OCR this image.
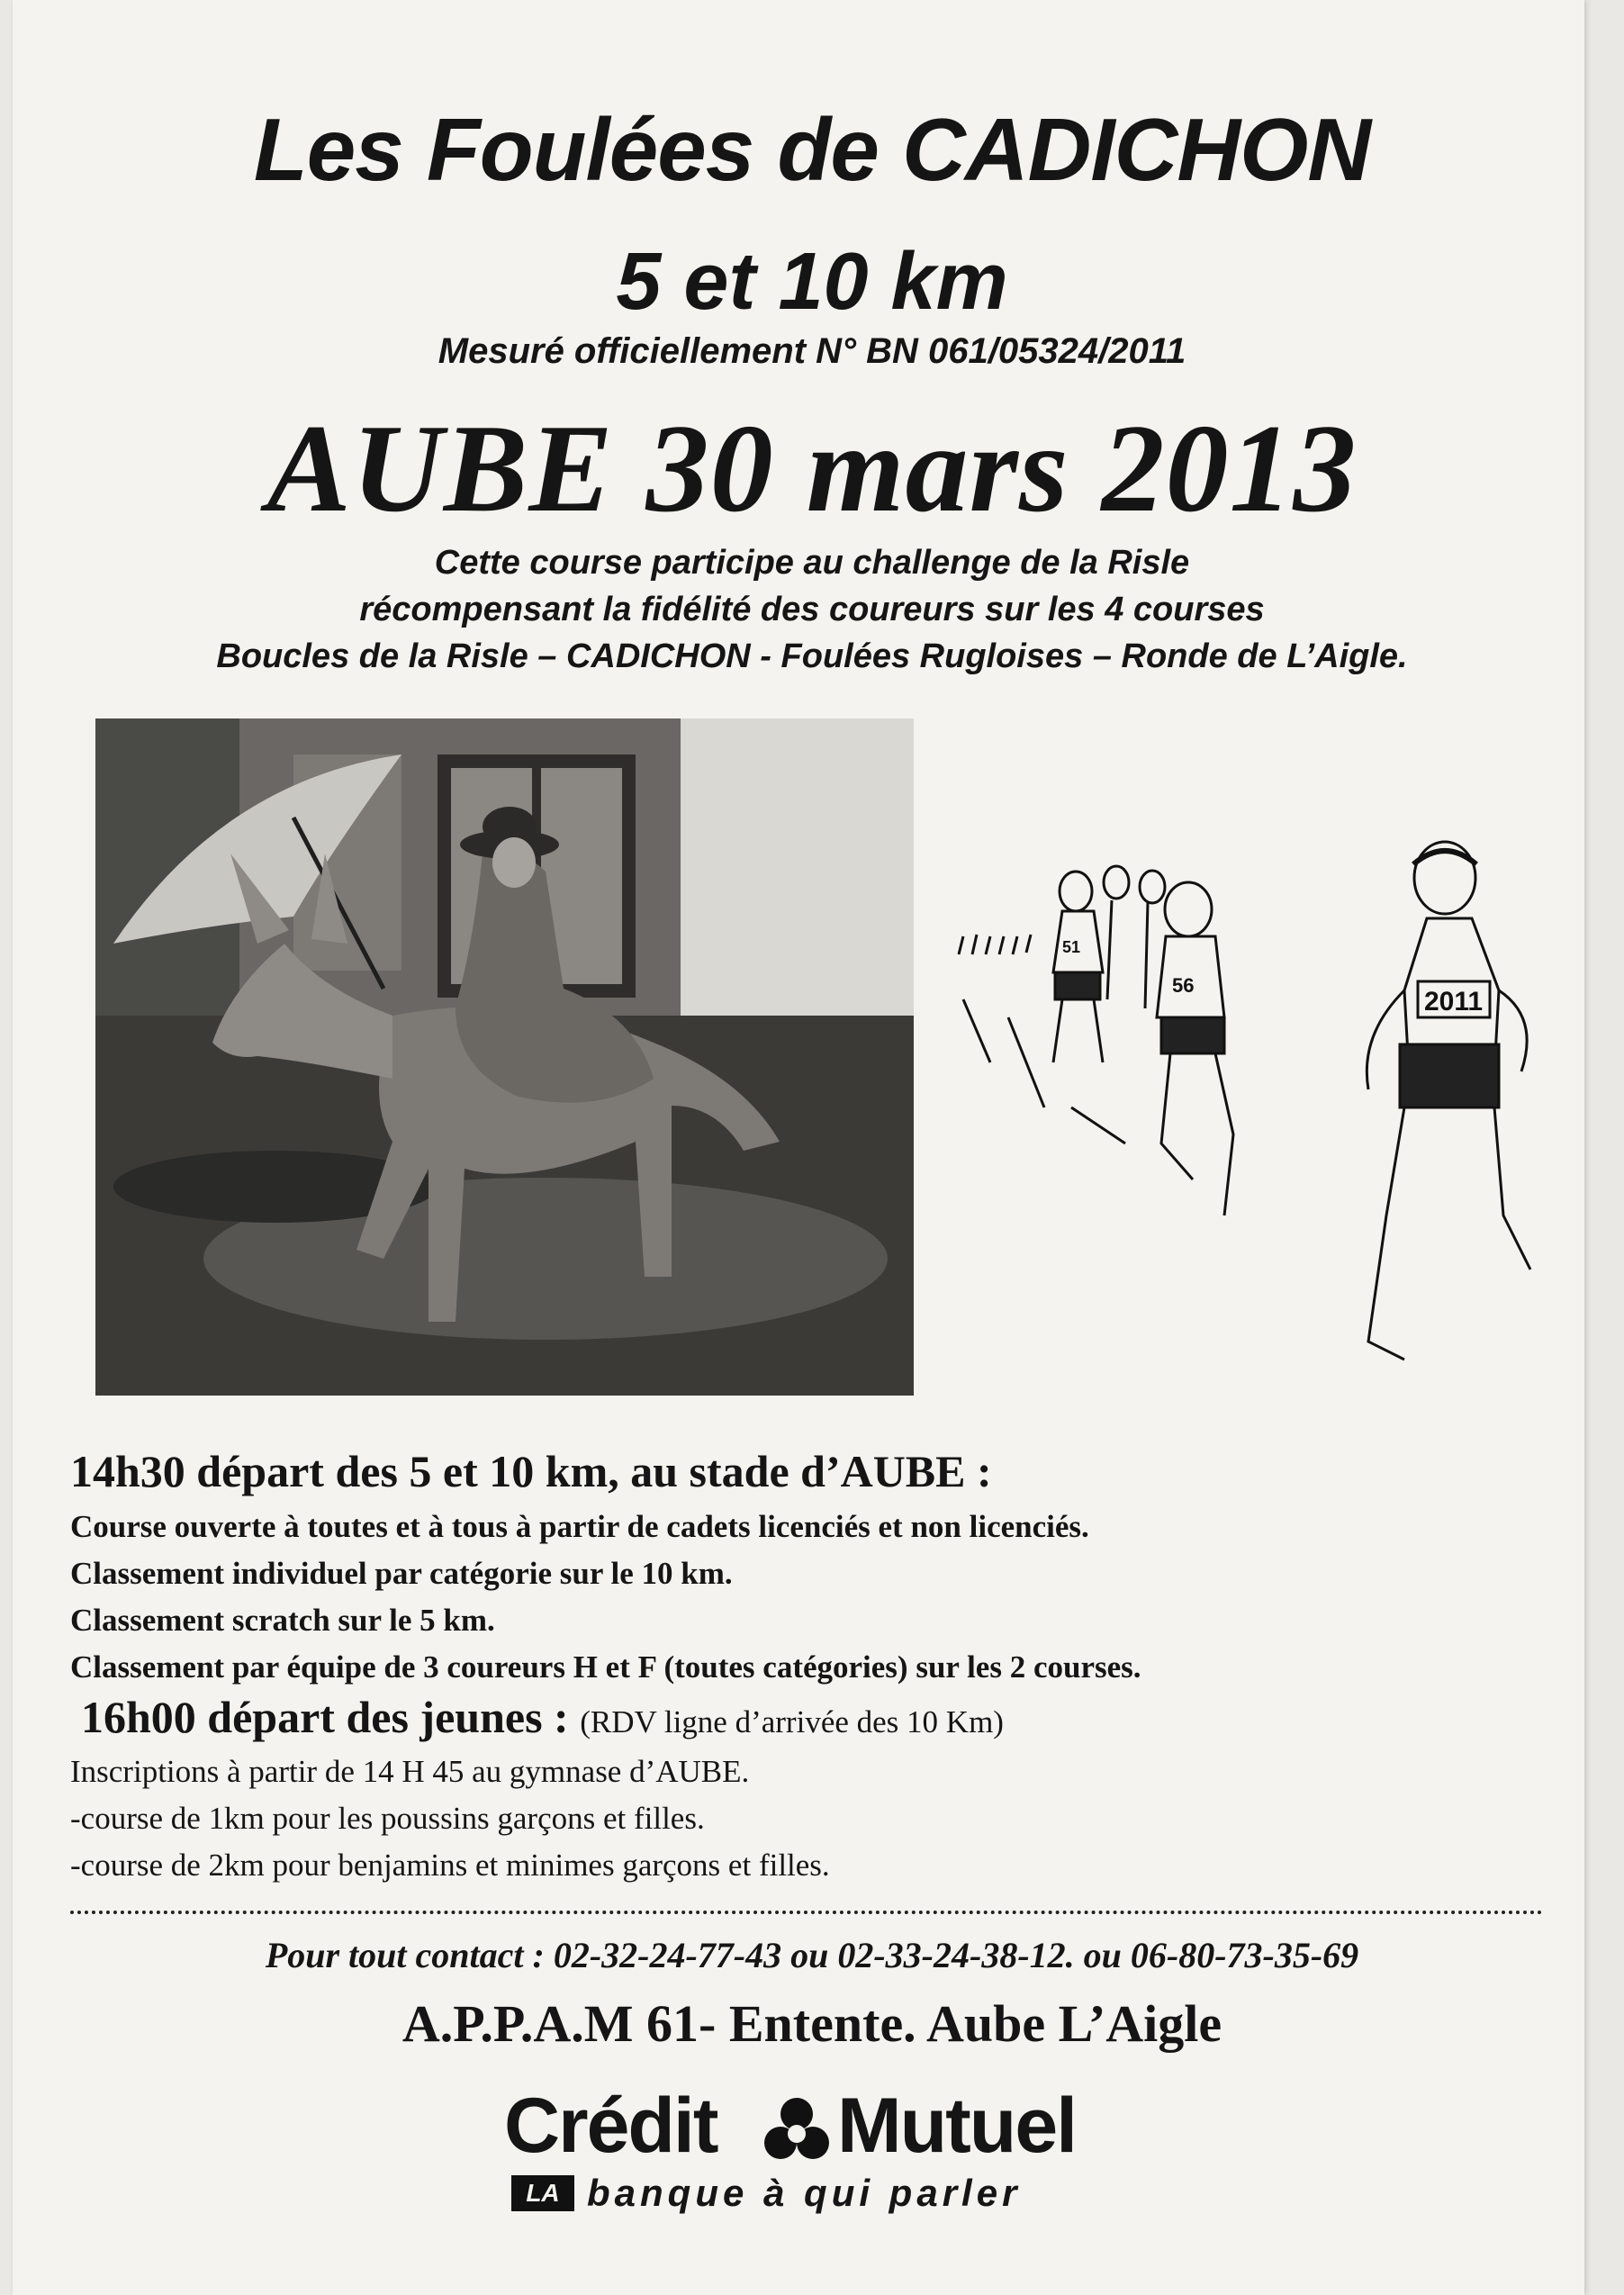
Les Foulées de CADICHON
5 et 10 km
Mesuré officiellement N° BN 061/05324/2011
AUBE 30 mars 2013
Cette course participe au challenge de la Risle
récompensant la fidélité des coureurs sur les 4 courses
Boucles de la Risle – CADICHON - Foulées Rugloises – Ronde de L’Aigle.
2011
56
51
14h30 départ des 5 et 10 km, au stade d’AUBE :
Course ouverte à toutes et à tous à partir de cadets licenciés et non licenciés.
Classement individuel par catégorie sur le 10 km.
Classement scratch sur le 5 km.
Classement par équipe de 3 coureurs H et F (toutes catégories) sur les 2 courses.
16h00 départ des jeunes : (RDV ligne d’arrivée des 10 Km)
Inscriptions à partir de 14 H 45 au gymnase d’AUBE.
-course de 1km pour les poussins garçons et filles.
-course de 2km pour benjamins et minimes garçons et filles.
Pour tout contact : 02-32-24-77-43 ou 02-33-24-38-12. ou 06-80-73-35-69
A.P.P.A.M 61- Entente. Aube L’Aigle
Crédit Mutuel
LA banque à qui parler
